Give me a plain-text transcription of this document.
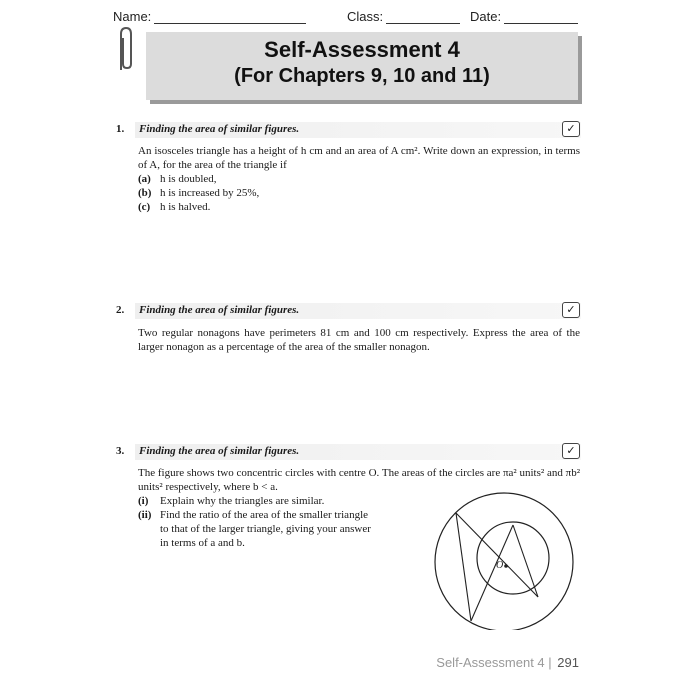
Name:	Class:	Date:
Self-Assessment 4
(For Chapters 9, 10 and 11)
1. Finding the area of similar figures.	✓
An isosceles triangle has a height of h cm and an area of A cm². Write down an expression, in terms of A, for the area of the triangle if
(a) h is doubled,
(b) h is increased by 25%,
(c) h is halved.
2. Finding the area of similar figures.	✓
Two regular nonagons have perimeters 81 cm and 100 cm respectively. Express the area of the larger nonagon as a percentage of the area of the smaller nonagon.
3. Finding the area of similar figures.	✓
The figure shows two concentric circles with centre O. The areas of the circles are πa² units² and πb² units² respectively, where b < a.
(i) Explain why the triangles are similar.
(ii) Find the ratio of the area of the smaller triangle
to that of the larger triangle, giving your answer
in terms of a and b.
O
Self-Assessment 4 | 291
